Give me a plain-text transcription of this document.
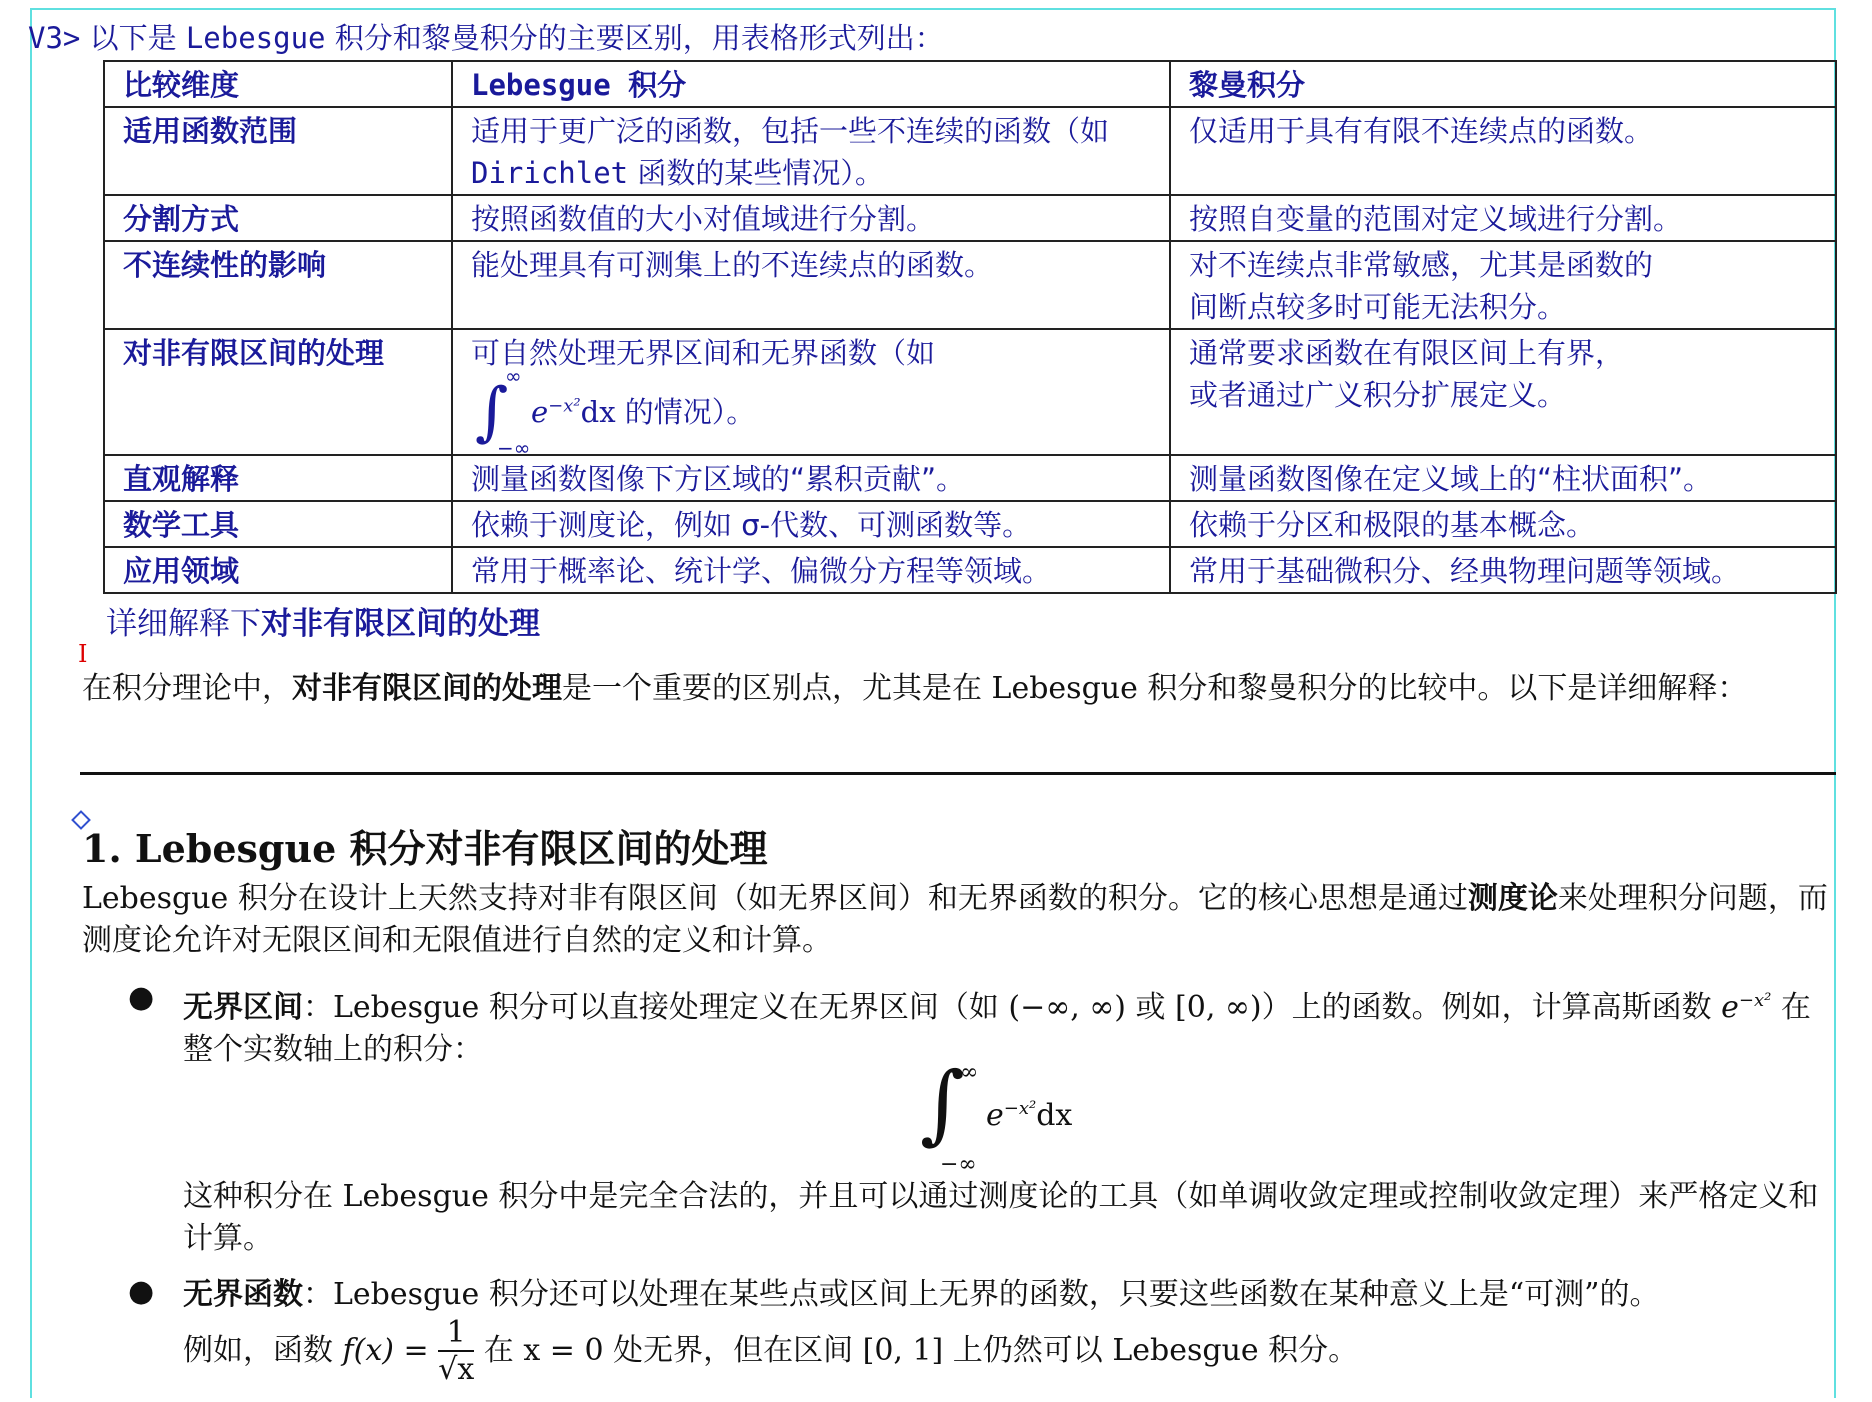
V3> 以下是 Lebesgue 积分和黎曼积分的主要区别，用表格形式列出：
比较维度	Lebesgue 积分	黎曼积分
适用函数范围	适用于更广泛的函数，包括一些不连续的函数（如
Dirichlet 函数的某些情况）。	仅适用于具有有限不连续点的函数。
分割方式	按照函数值的大小对值域进行分割。	按照自变量的范围对定义域进行分割。
不连续性的影响	能处理具有可测集上的不连续点的函数。	对不连续点非常敏感，尤其是函数的
间断点较多时可能无法积分。
对非有限区间的处理	可自然处理无界区间和无界函数（如

∫
∞
−∞
$e^{-x^2}dx$ 的情况）。	通常要求函数在有限区间上有界，
或者通过广义积分扩展定义。
直观解释	测量函数图像下方区域的“累积贡献”。	测量函数图像在定义域上的“柱状面积”。
数学工具	依赖于测度论，例如 σ-代数、可测函数等。	依赖于分区和极限的基本概念。
应用领域	常用于概率论、统计学、偏微分方程等领域。	常用于基础微积分、经典物理问题等领域。
详细解释下对非有限区间的处理
I
在积分理论中，对非有限区间的处理是一个重要的区别点，尤其是在 Lebesgue 积分和黎曼积分的比较中。以下是详细解释：
1. Lebesgue 积分对非有限区间的处理
Lebesgue 积分在设计上天然支持对非有限区间（如无界区间）和无界函数的积分。它的核心思想是通过测度论来处理积分问题，而测度论允许对无限区间和无限值进行自然的定义和计算。
● 无界区间：Lebesgue 积分可以直接处理定义在无界区间（如 (−∞, ∞) 或 [0, ∞)）上的函数。例如，计算高斯函数 $e^{-x^2}$ 在整个实数轴上的积分：
∫
∞
−∞
$e^{-x^2}dx$
这种积分在 Lebesgue 积分中是完全合法的，并且可以通过测度论的工具（如单调收敛定理或控制收敛定理）来严格定义和计算。
● 无界函数：Lebesgue 积分还可以处理在某些点或区间上无界的函数，只要这些函数在某种意义上是“可测”的。
例如，函数 $f(x) = \frac{1}{√x}$ 在 x = 0 处无界，但在区间 [0, 1] 上仍然可以 Lebesgue 积分。
